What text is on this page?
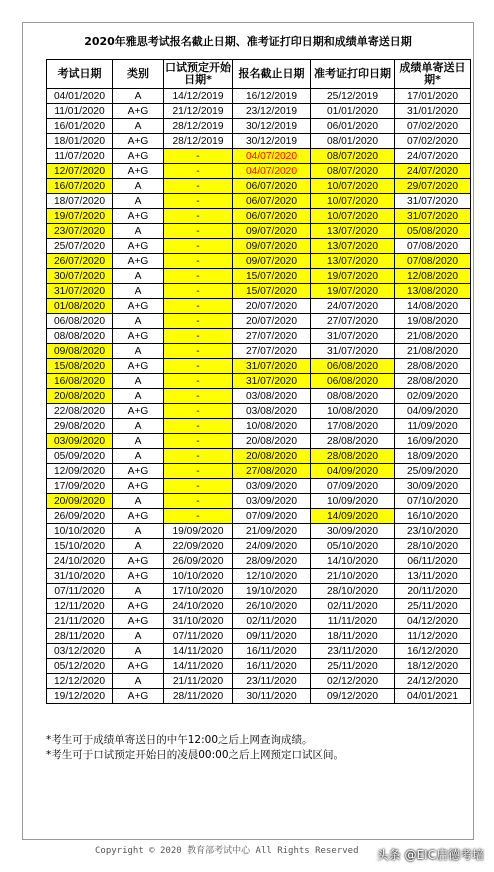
2020年雅思考试报名截止日期、准考证打印日期和成绩单寄送日期
考试日期	类别	口试预定开始日期*	报名截止日期	准考证打印日期	成绩单寄送日期*
04/01/2020	A	14/12/2019	16/12/2019	25/12/2019	17/01/2020
11/01/2020	A+G	21/12/2019	23/12/2019	01/01/2020	31/01/2020
16/01/2020	A	28/12/2019	30/12/2019	06/01/2020	07/02/2020
18/01/2020	A+G	28/12/2019	30/12/2019	08/01/2020	07/02/2020
11/07/2020	A+G	-	04/07/2020	08/07/2020	24/07/2020
12/07/2020	A+G	-	04/07/2020	08/07/2020	24/07/2020
16/07/2020	A	-	06/07/2020	10/07/2020	29/07/2020
18/07/2020	A	-	06/07/2020	10/07/2020	31/07/2020
19/07/2020	A+G	-	06/07/2020	10/07/2020	31/07/2020
23/07/2020	A	-	09/07/2020	13/07/2020	05/08/2020
25/07/2020	A+G	-	09/07/2020	13/07/2020	07/08/2020
26/07/2020	A+G	-	09/07/2020	13/07/2020	07/08/2020
30/07/2020	A	-	15/07/2020	19/07/2020	12/08/2020
31/07/2020	A	-	15/07/2020	19/07/2020	13/08/2020
01/08/2020	A+G	-	20/07/2020	24/07/2020	14/08/2020
06/08/2020	A	-	20/07/2020	27/07/2020	19/08/2020
08/08/2020	A+G	-	27/07/2020	31/07/2020	21/08/2020
09/08/2020	A	-	27/07/2020	31/07/2020	21/08/2020
15/08/2020	A+G	-	31/07/2020	06/08/2020	28/08/2020
16/08/2020	A	-	31/07/2020	06/08/2020	28/08/2020
20/08/2020	A	-	03/08/2020	08/08/2020	02/09/2020
22/08/2020	A+G	-	03/08/2020	10/08/2020	04/09/2020
29/08/2020	A	-	10/08/2020	17/08/2020	11/09/2020
03/09/2020	A	-	20/08/2020	28/08/2020	16/09/2020
05/09/2020	A	-	20/08/2020	28/08/2020	18/09/2020
12/09/2020	A+G	-	27/08/2020	04/09/2020	25/09/2020
17/09/2020	A+G	-	03/09/2020	07/09/2020	30/09/2020
20/09/2020	A	-	03/09/2020	10/09/2020	07/10/2020
26/09/2020	A+G	-	07/09/2020	14/09/2020	16/10/2020
10/10/2020	A	19/09/2020	21/09/2020	30/09/2020	23/10/2020
15/10/2020	A	22/09/2020	24/09/2020	05/10/2020	28/10/2020
24/10/2020	A+G	26/09/2020	28/09/2020	14/10/2020	06/11/2020
31/10/2020	A+G	10/10/2020	12/10/2020	21/10/2020	13/11/2020
07/11/2020	A	17/10/2020	19/10/2020	28/10/2020	20/11/2020
12/11/2020	A+G	24/10/2020	26/10/2020	02/11/2020	25/11/2020
21/11/2020	A+G	31/10/2020	02/11/2020	11/11/2020	04/12/2020
28/11/2020	A	07/11/2020	09/11/2020	18/11/2020	11/12/2020
03/12/2020	A	14/11/2020	16/11/2020	23/11/2020	16/12/2020
05/12/2020	A+G	14/11/2020	16/11/2020	25/11/2020	18/12/2020
12/12/2020	A	21/11/2020	23/11/2020	02/12/2020	24/12/2020
19/12/2020	A+G	28/11/2020	30/11/2020	09/12/2020	04/01/2021
*考生可于成绩单寄送日的中午12:00之后上网查询成绩。
*考生可于口试预定开始日的凌晨00:00之后上网预定口试区间。
Copyright © 2020 教育部考试中心 All Rights Reserved 头条 @EIC启德考培
